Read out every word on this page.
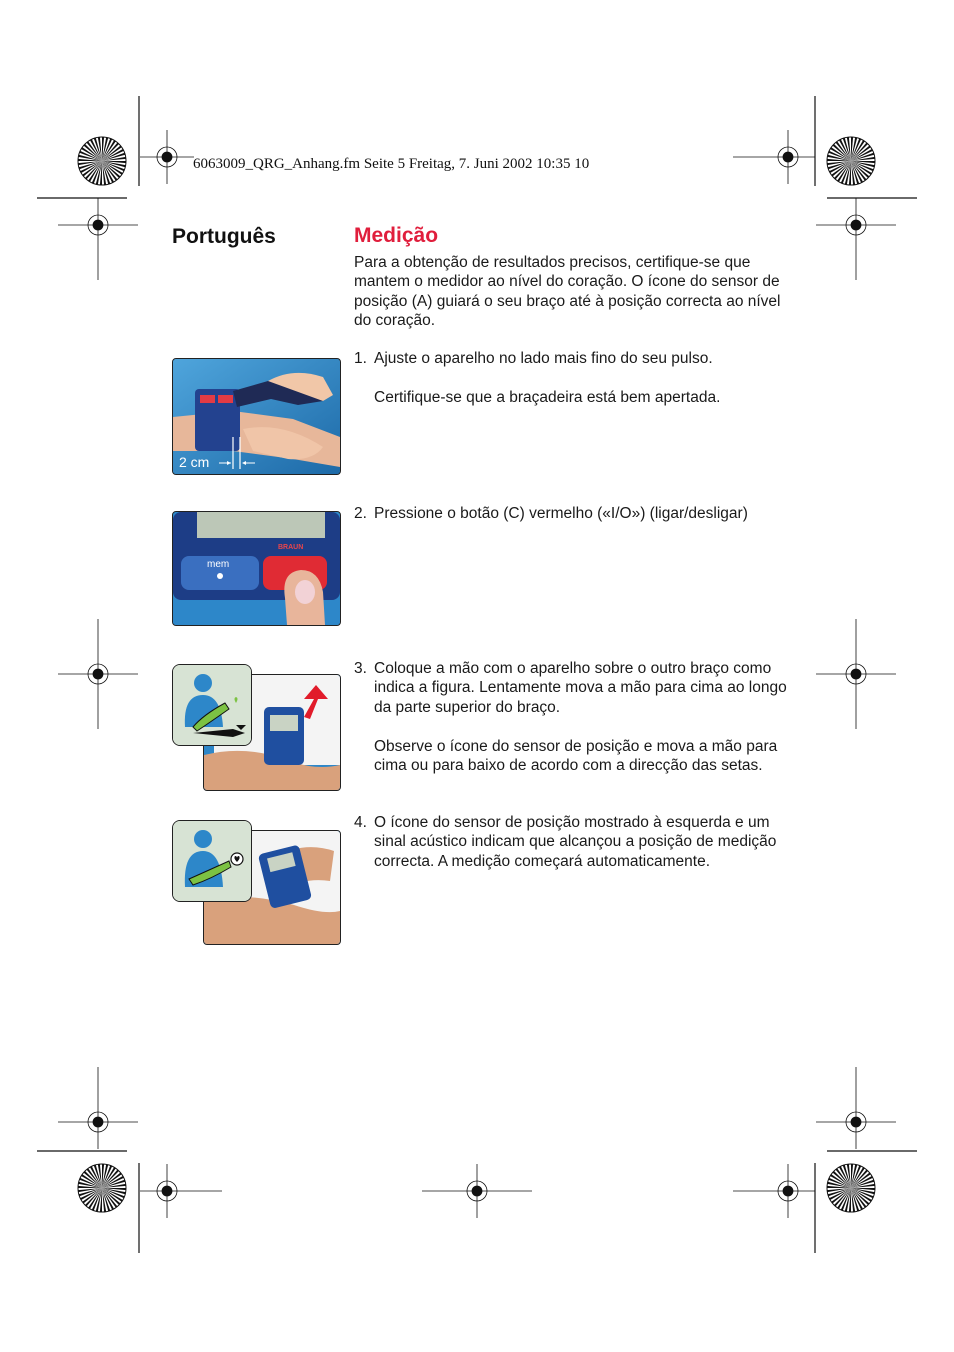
6063009_QRG_Anhang.fm Seite 5 Freitag, 7. Juni 2002 10:35 10
Português	Medição
Para a obtenção de resultados precisos, certifique-se que mantem o medidor ao nível do coração. O ícone do sensor de posição (A) guiará o seu braço até à posição correcta ao nível do coração.
1. Ajuste o aparelho no lado mais fino do seu pulso.
Certifique-se que a braçadeira está bem apertada.
2. Pressione o botão (C) vermelho («I/O») (ligar/desligar)
3. Coloque a mão com o aparelho sobre o outro braço como indica a figura. Lentamente mova a mão para cima ao longo da parte superior do braço.
Observe o ícone do sensor de posição e mova a mão para cima ou para baixo de acordo com a direcção das setas.
4. O ícone do sensor de posição mostrado à esquerda e um sinal acústico indicam que alcançou a posição de medição correcta. A medição começará automaticamente.
2 cm
mem
BRAUN
